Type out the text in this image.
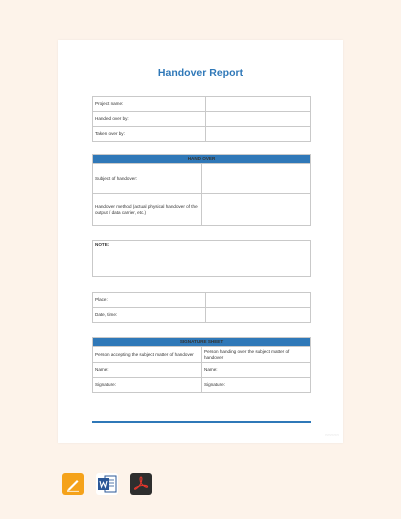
Handover Report
Project name:	
Handed over by:	
Taken over by:	
HAND OVER	
Subject of handover:	
Handover method (actual physical handover of the output / data carrier, etc.)	
NOTE:
Place:	
Date, time:	
SIGNATURE SHEET	
Person accepting the subject matter of handover	Person handing over the subject matter of handover
Name:	Name:
Signature:	Signature:
▭▭▭▭▭
